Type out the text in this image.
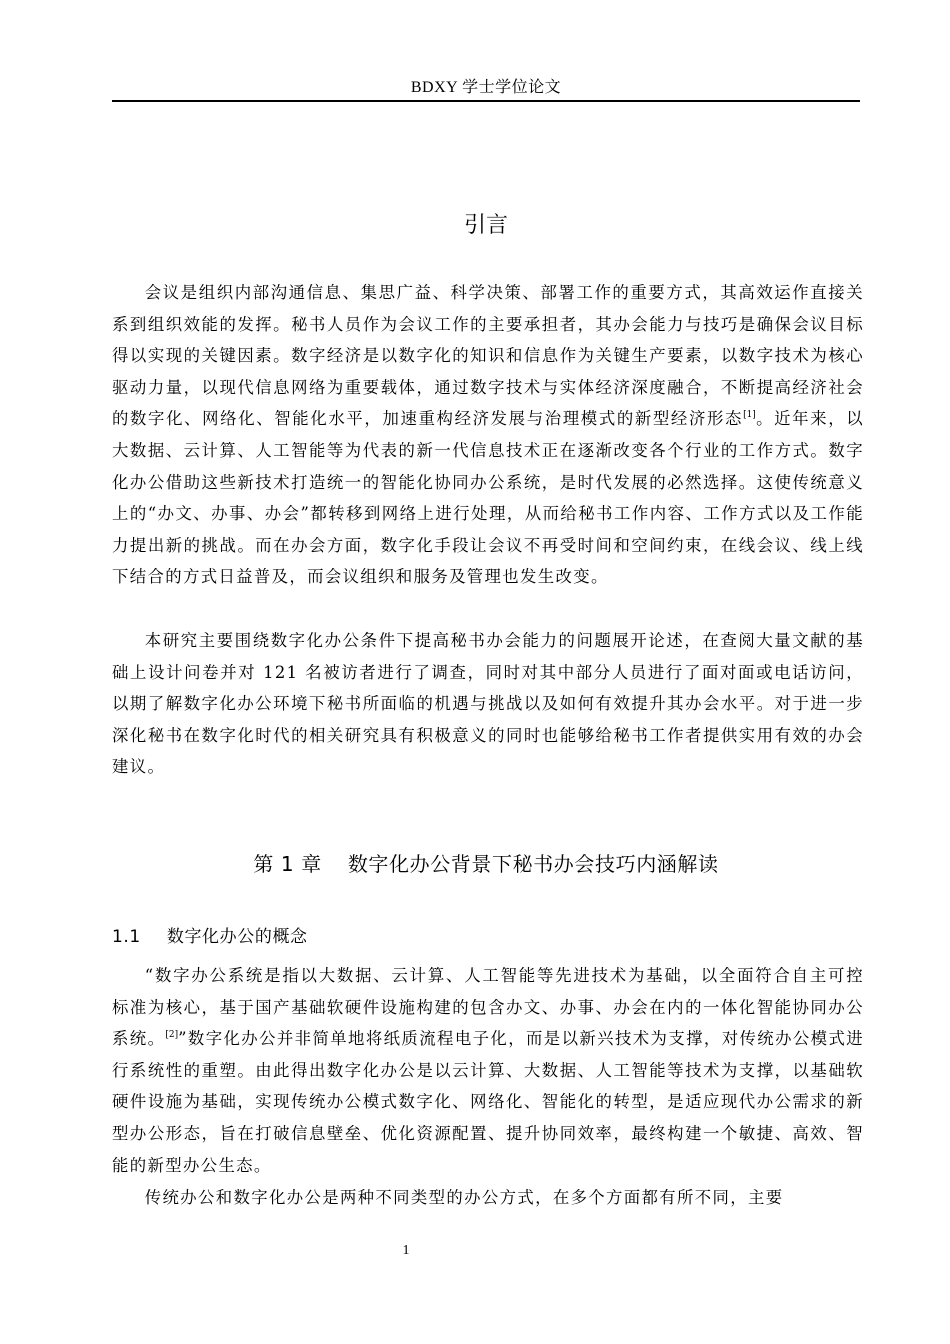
BDXY 学士学位论文
引言

会议是组织内部沟通信息、集思广益、科学决策、部署工作的重要方式，其高效运作直接关系到组织效能的发挥。秘书人员作为会议工作的主要承担者，其办会能力与技巧是确保会议目标得以实现的关键因素。数字经济是以数字化的知识和信息作为关键生产要素，以数字技术为核心驱动力量，以现代信息网络为重要载体，通过数字技术与实体经济深度融合，不断提高经济社会的数字化、网络化、智能化水平，加速重构经济发展与治理模式的新型经济形态[1]。近年来，以大数据、云计算、人工智能等为代表的新一代信息技术正在逐渐改变各个行业的工作方式。数字化办公借助这些新技术打造统一的智能化协同办公系统，是时代发展的必然选择。这使传统意义上的“办文、办事、办会”都转移到网络上进行处理，从而给秘书工作内容、工作方式以及工作能力提出新的挑战。而在办会方面，数字化手段让会议不再受时间和空间约束，在线会议、线上线下结合的方式日益普及，而会议组织和服务及管理也发生改变。

本研究主要围绕数字化办公条件下提高秘书办会能力的问题展开论述，在查阅大量文献的基础上设计问卷并对 121 名被访者进行了调查，同时对其中部分人员进行了面对面或电话访问，以期了解数字化办公环境下秘书所面临的机遇与挑战以及如何有效提升其办会水平。对于进一步深化秘书在数字化时代的相关研究具有积极意义的同时也能够给秘书工作者提供实用有效的办会建议。

第 1 章 数字化办公背景下秘书办会技巧内涵解读
1.1 数字化办公的概念

“数字办公系统是指以大数据、云计算、人工智能等先进技术为基础，以全面符合自主可控标准为核心，基于国产基础软硬件设施构建的包含办文、办事、办会在内的一体化智能协同办公系统。[2]”数字化办公并非简单地将纸质流程电子化，而是以新兴技术为支撑，对传统办公模式进行系统性的重塑。由此得出数字化办公是以云计算、大数据、人工智能等技术为支撑，以基础软硬件设施为基础，实现传统办公模式数字化、网络化、智能化的转型，是适应现代办公需求的新型办公形态，旨在打破信息壁垒、优化资源配置、提升协同效率，最终构建一个敏捷、高效、智能的新型办公生态。

传统办公和数字化办公是两种不同类型的办公方式，在多个方面都有所不同，主要

1
